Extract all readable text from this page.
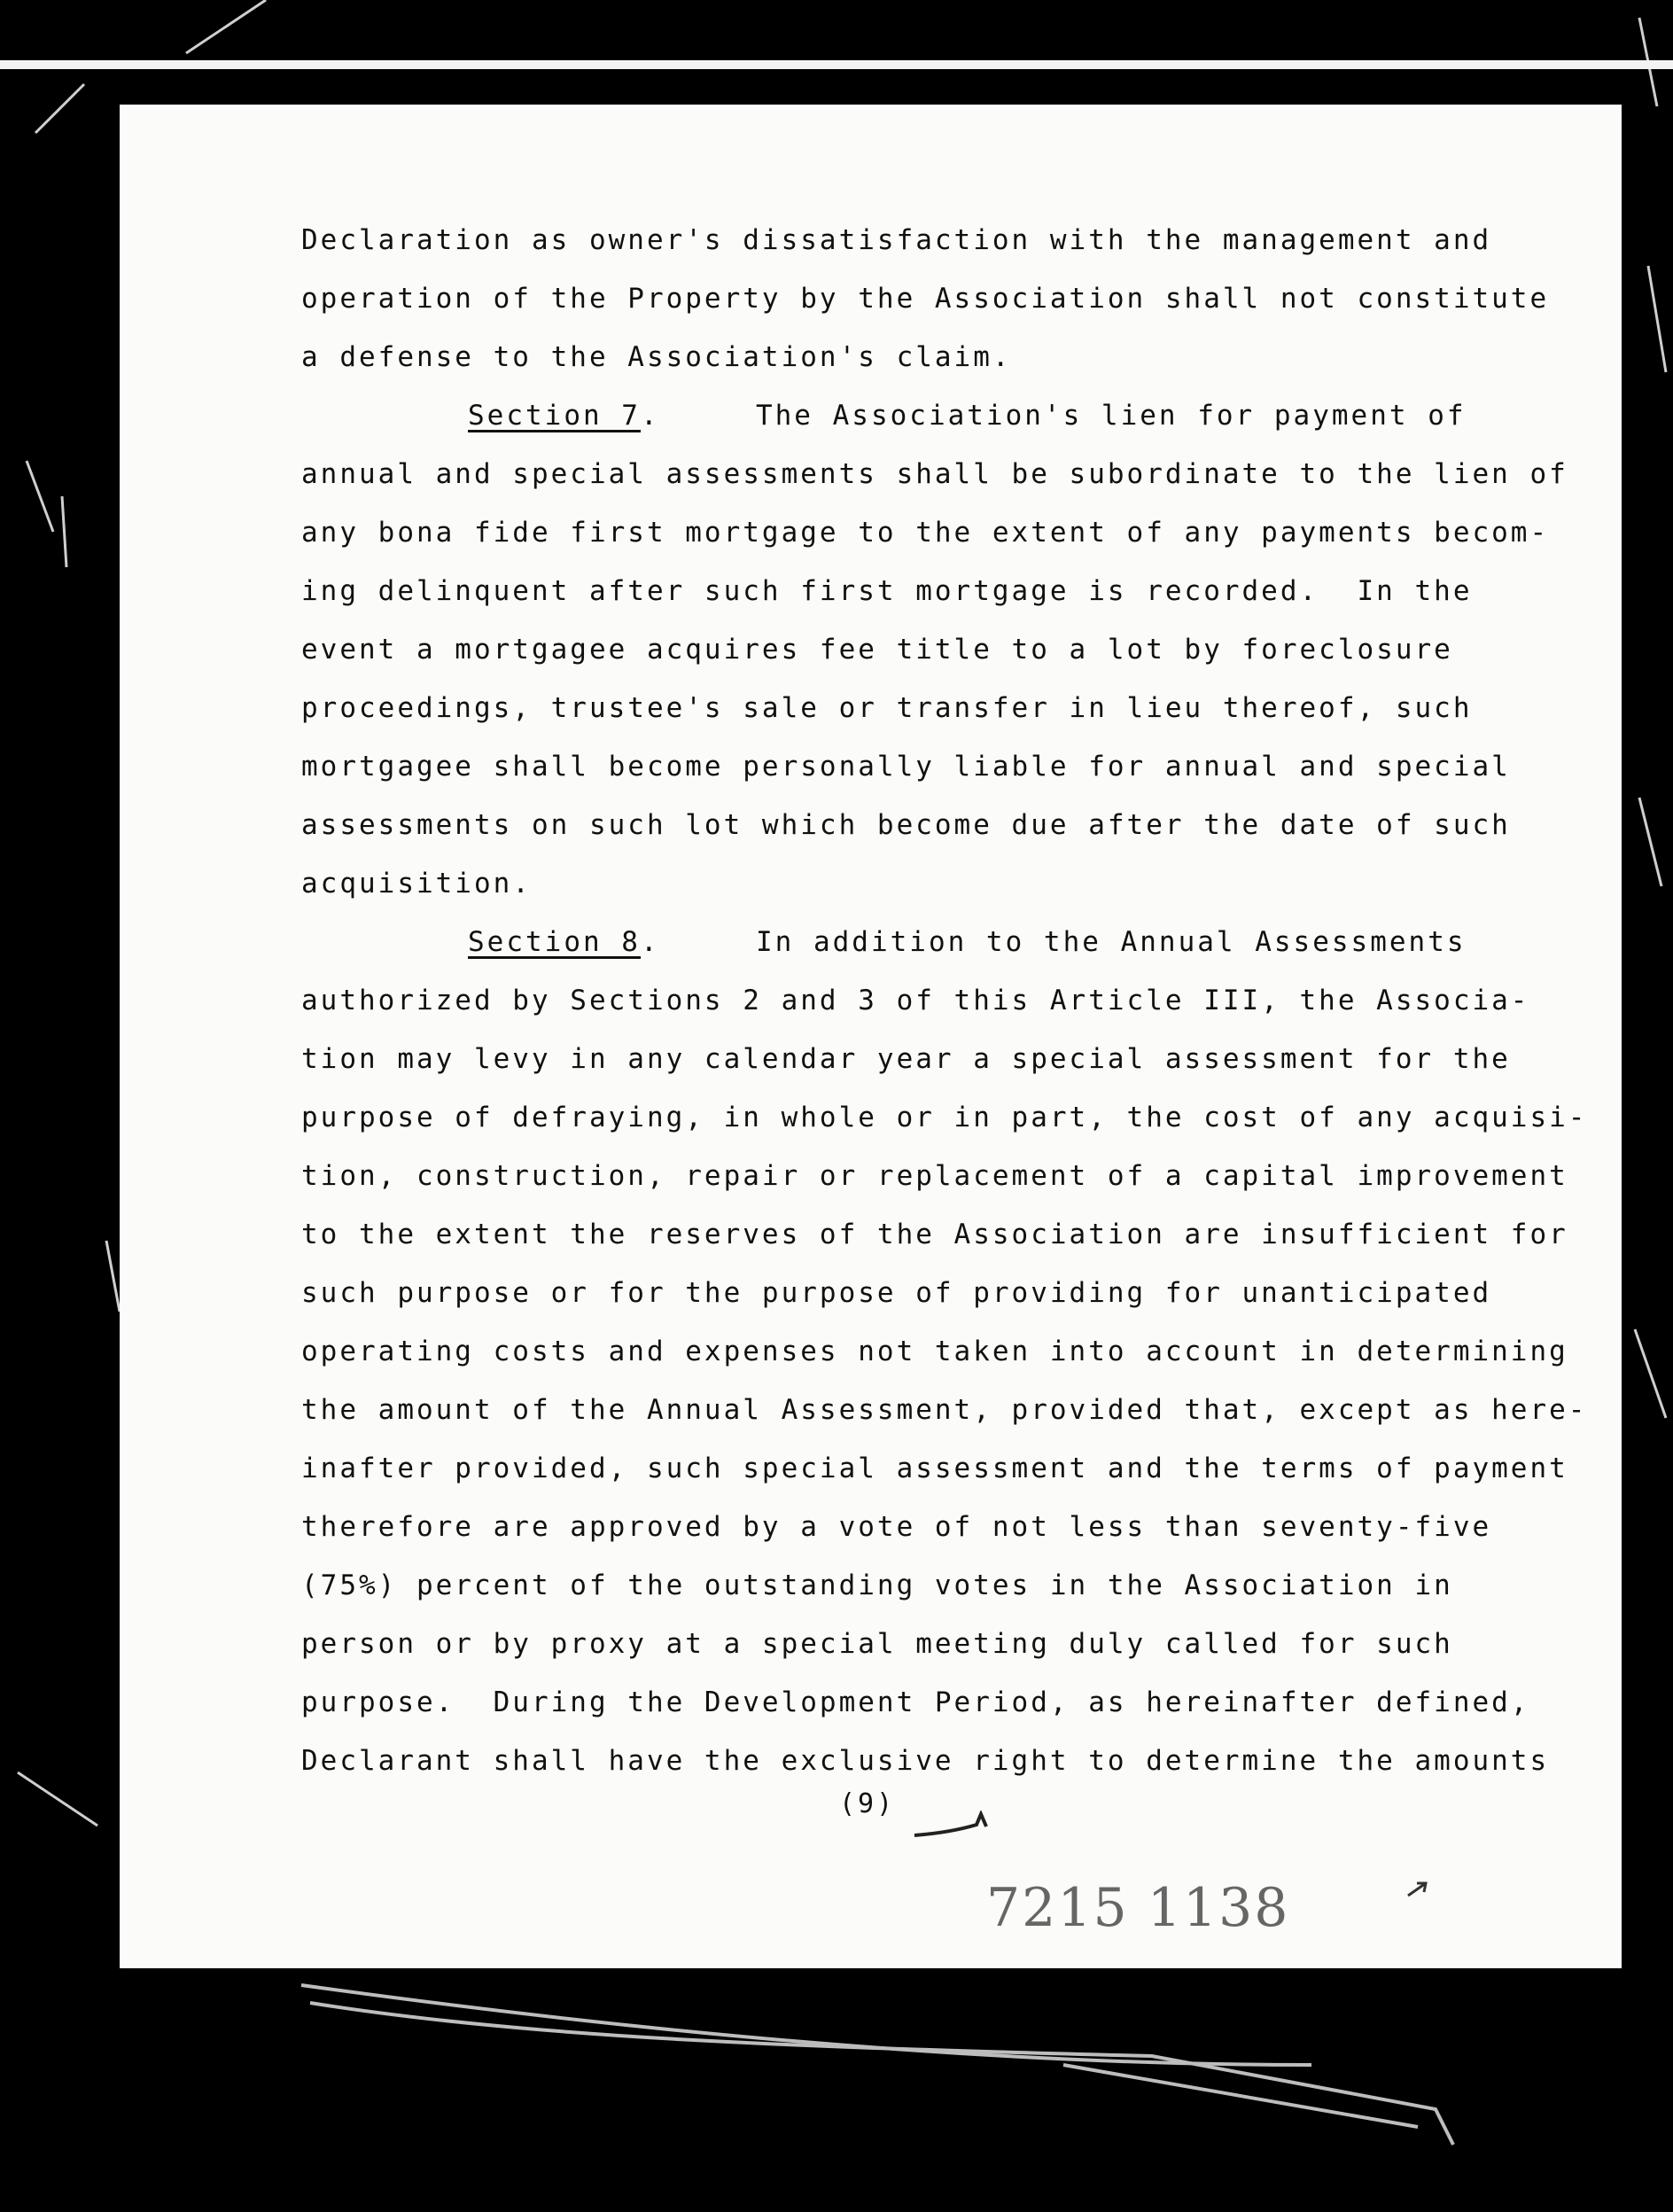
Declaration as owner's dissatisfaction with the management and
operation of the Property by the Association shall not constitute
a defense to the Association's claim.
Section 7.     The Association's lien for payment of
annual and special assessments shall be subordinate to the lien of
any bona fide first mortgage to the extent of any payments becom-
ing delinquent after such first mortgage is recorded.  In the
event a mortgagee acquires fee title to a lot by foreclosure
proceedings, trustee's sale or transfer in lieu thereof, such
mortgagee shall become personally liable for annual and special
assessments on such lot which become due after the date of such
acquisition.
Section 8.     In addition to the Annual Assessments
authorized by Sections 2 and 3 of this Article III, the Associa-
tion may levy in any calendar year a special assessment for the
purpose of defraying, in whole or in part, the cost of any acquisi-
tion, construction, repair or replacement of a capital improvement
to the extent the reserves of the Association are insufficient for
such purpose or for the purpose of providing for unanticipated
operating costs and expenses not taken into account in determining
the amount of the Annual Assessment, provided that, except as here-
inafter provided, such special assessment and the terms of payment
therefore are approved by a vote of not less than seventy-five
(75%) percent of the outstanding votes in the Association in
person or by proxy at a special meeting duly called for such
purpose.  During the Development Period, as hereinafter defined,
Declarant shall have the exclusive right to determine the amounts
(9)
7215 1138
